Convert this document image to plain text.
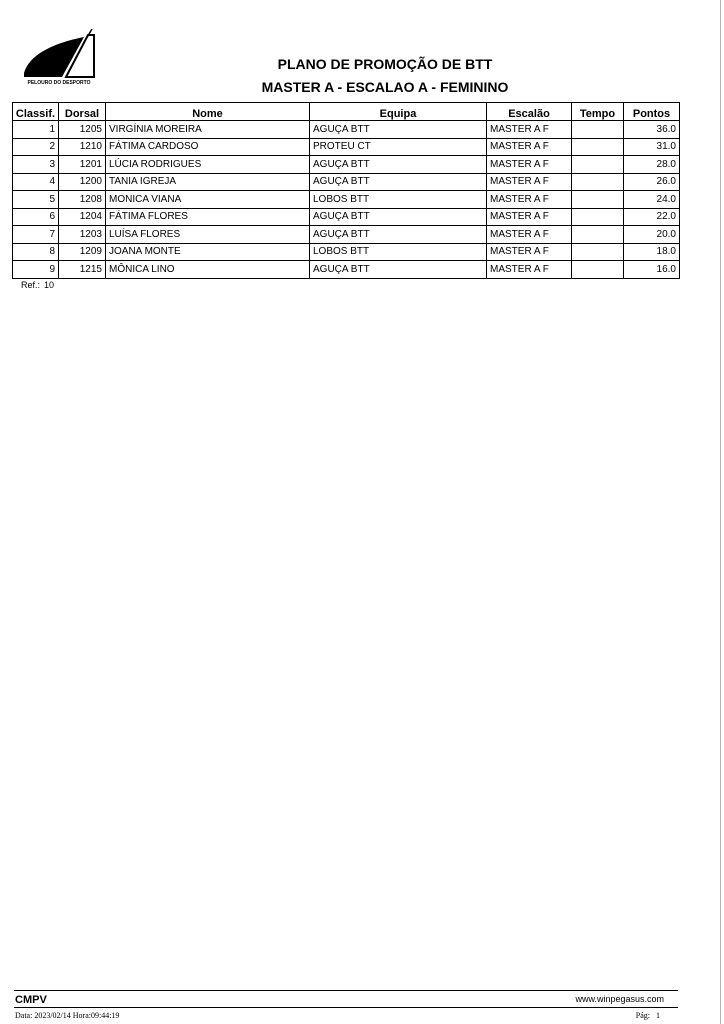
PELOURO DO DESPORTO
PLANO DE PROMOÇÃO DE BTT
MASTER A - ESCALAO A - FEMININO
Classif.	Dorsal	Nome	Equipa	Escalão	Tempo	Pontos
1	1205	VIRGÍNIA MOREIRA	AGUÇA BTT	MASTER A F		36.0
2	1210	FÁTIMA CARDOSO	PROTEU CT	MASTER A F		31.0
3	1201	LÚCIA RODRIGUES	AGUÇA BTT	MASTER A F		28.0
4	1200	TANIA IGREJA	AGUÇA BTT	MASTER A F		26.0
5	1208	MONICA VIANA	LOBOS BTT	MASTER A F		24.0
6	1204	FÁTIMA FLORES	AGUÇA BTT	MASTER A F		22.0
7	1203	LUÍSA FLORES	AGUÇA BTT	MASTER A F		20.0
8	1209	JOANA MONTE	LOBOS BTT	MASTER A F		18.0
9	1215	MÔNICA LINO	AGUÇA BTT	MASTER A F		16.0
Ref.: 10
CMPV	www.winpegasus.com
Data: 2023/02/14 Hora:09:44:19	Pág: 1
